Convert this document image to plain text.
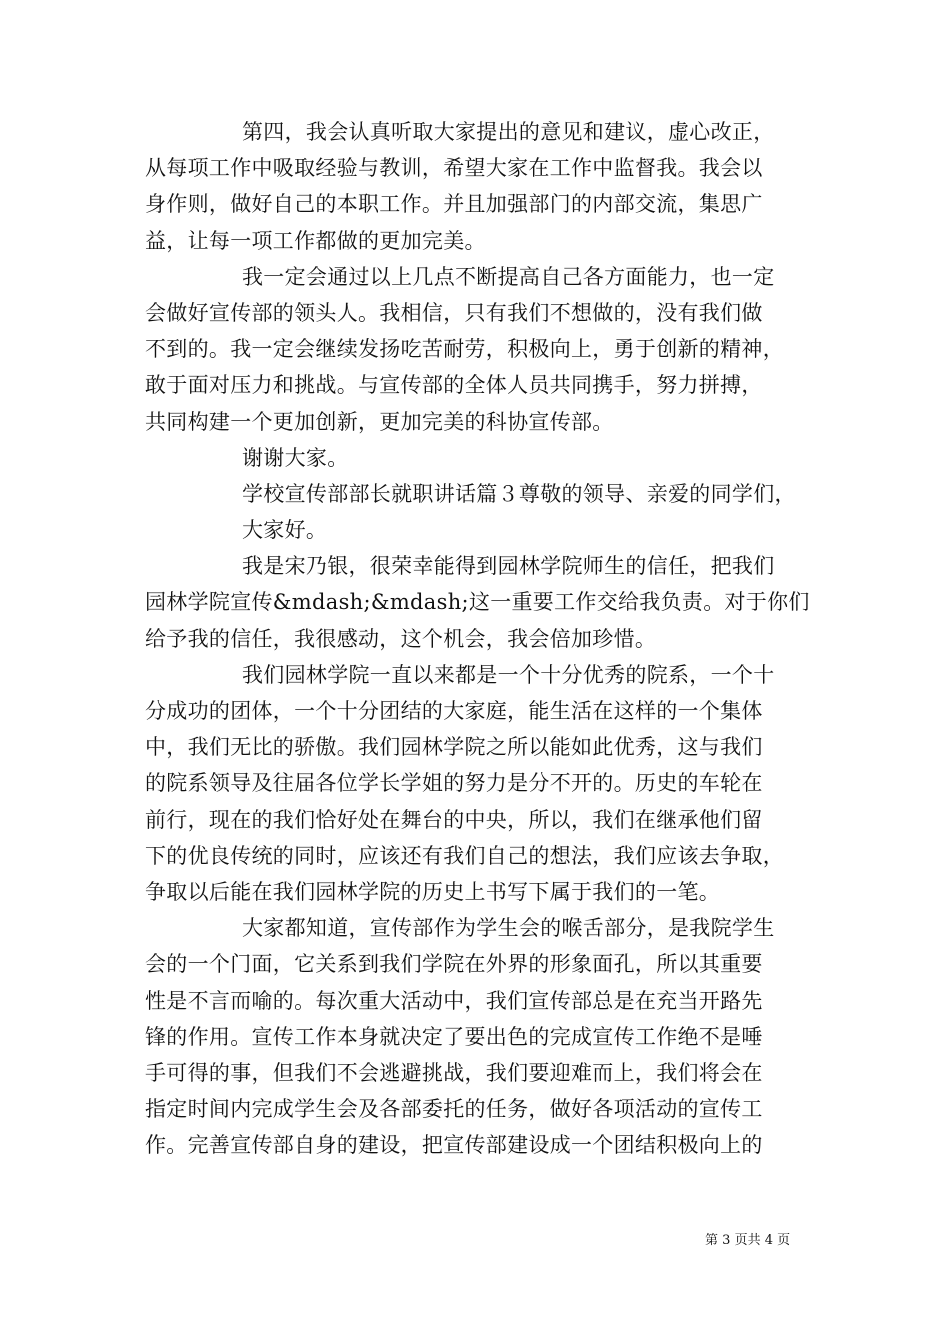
第四，我会认真听取大家提出的意见和建议，虚心改正，
从每项工作中吸取经验与教训，希望大家在工作中监督我。我会以
身作则，做好自己的本职工作。并且加强部门的内部交流，集思广
益，让每一项工作都做的更加完美。
我一定会通过以上几点不断提高自己各方面能力，也一定
会做好宣传部的领头人。我相信，只有我们不想做的，没有我们做
不到的。我一定会继续发扬吃苦耐劳，积极向上，勇于创新的精神，
敢于面对压力和挑战。与宣传部的全体人员共同携手，努力拼搏，
共同构建一个更加创新，更加完美的科协宣传部。
谢谢大家。
学校宣传部部长就职讲话篇３尊敬的领导、亲爱的同学们，
大家好。
我是宋乃银，很荣幸能得到园林学院师生的信任，把我们
园林学院宣传&mdash;&mdash;这一重要工作交给我负责。对于你们
给予我的信任，我很感动，这个机会，我会倍加珍惜。
我们园林学院一直以来都是一个十分优秀的院系，一个十
分成功的团体，一个十分团结的大家庭，能生活在这样的一个集体
中，我们无比的骄傲。我们园林学院之所以能如此优秀，这与我们
的院系领导及往届各位学长学姐的努力是分不开的。历史的车轮在
前行，现在的我们恰好处在舞台的中央，所以，我们在继承他们留
下的优良传统的同时，应该还有我们自己的想法，我们应该去争取，
争取以后能在我们园林学院的历史上书写下属于我们的一笔。
大家都知道，宣传部作为学生会的喉舌部分，是我院学生
会的一个门面，它关系到我们学院在外界的形象面孔，所以其重要
性是不言而喻的。每次重大活动中，我们宣传部总是在充当开路先
锋的作用。宣传工作本身就决定了要出色的完成宣传工作绝不是唾
手可得的事，但我们不会逃避挑战，我们要迎难而上，我们将会在
指定时间内完成学生会及各部委托的任务，做好各项活动的宣传工
作。完善宣传部自身的建设，把宣传部建设成一个团结积极向上的
第 3 页共 4 页
